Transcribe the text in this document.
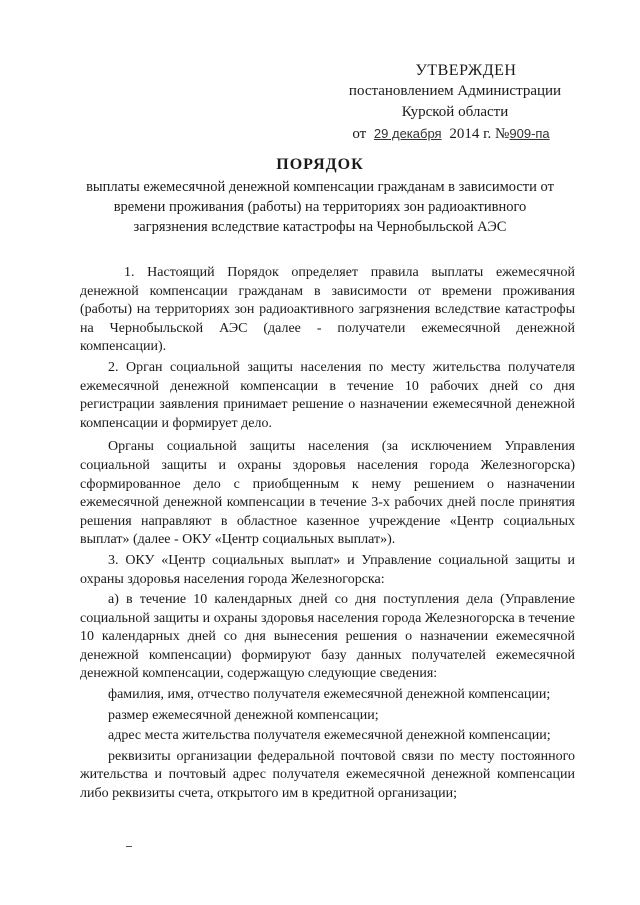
УТВЕРЖДЕН
постановлением Администрации
Курской области
от 29 декабря 2014 г. №909-па
ПОРЯДОК
выплаты ежемесячной денежной компенсации гражданам в зависимости от
времени проживания (работы) на территориях зон радиоактивного
загрязнения вследствие катастрофы на Чернобыльской АЭС

1. Настоящий Порядок определяет правила выплаты ежемесячной денежной компенсации гражданам в зависимости от времени проживания (работы) на территориях зон радиоактивного загрязнения вследствие катастрофы на Чернобыльской АЭС (далее - получатели ежемесячной денежной компенсации).

2. Орган социальной защиты населения по месту жительства получателя ежемесячной денежной компенсации в течение 10 рабочих дней со дня регистрации заявления принимает решение о назначении ежемесячной денежной компенсации и формирует дело.

Органы социальной защиты населения (за исключением Управления социальной защиты и охраны здоровья населения города Железногорска) сформированное дело с приобщенным к нему решением о назначении ежемесячной денежной компенсации в течение 3-х рабочих дней после принятия решения направляют в областное казенное учреждение «Центр социальных выплат» (далее - ОКУ «Центр социальных выплат»).

3. ОКУ «Центр социальных выплат» и Управление социальной защиты и охраны здоровья населения города Железногорска:

а) в течение 10 календарных дней со дня поступления дела (Управление социальной защиты и охраны здоровья населения города Железногорска в течение 10 календарных дней со дня вынесения решения о назначении ежемесячной денежной компенсации) формируют базу данных получателей ежемесячной денежной компенсации, содержащую следующие сведения:

фамилия, имя, отчество получателя ежемесячной денежной компенсации;

размер ежемесячной денежной компенсации;

адрес места жительства получателя ежемесячной денежной компенсации;

реквизиты организации федеральной почтовой связи по месту постоянного жительства и почтовый адрес получателя ежемесячной денежной компенсации либо реквизиты счета, открытого им в кредитной организации;
